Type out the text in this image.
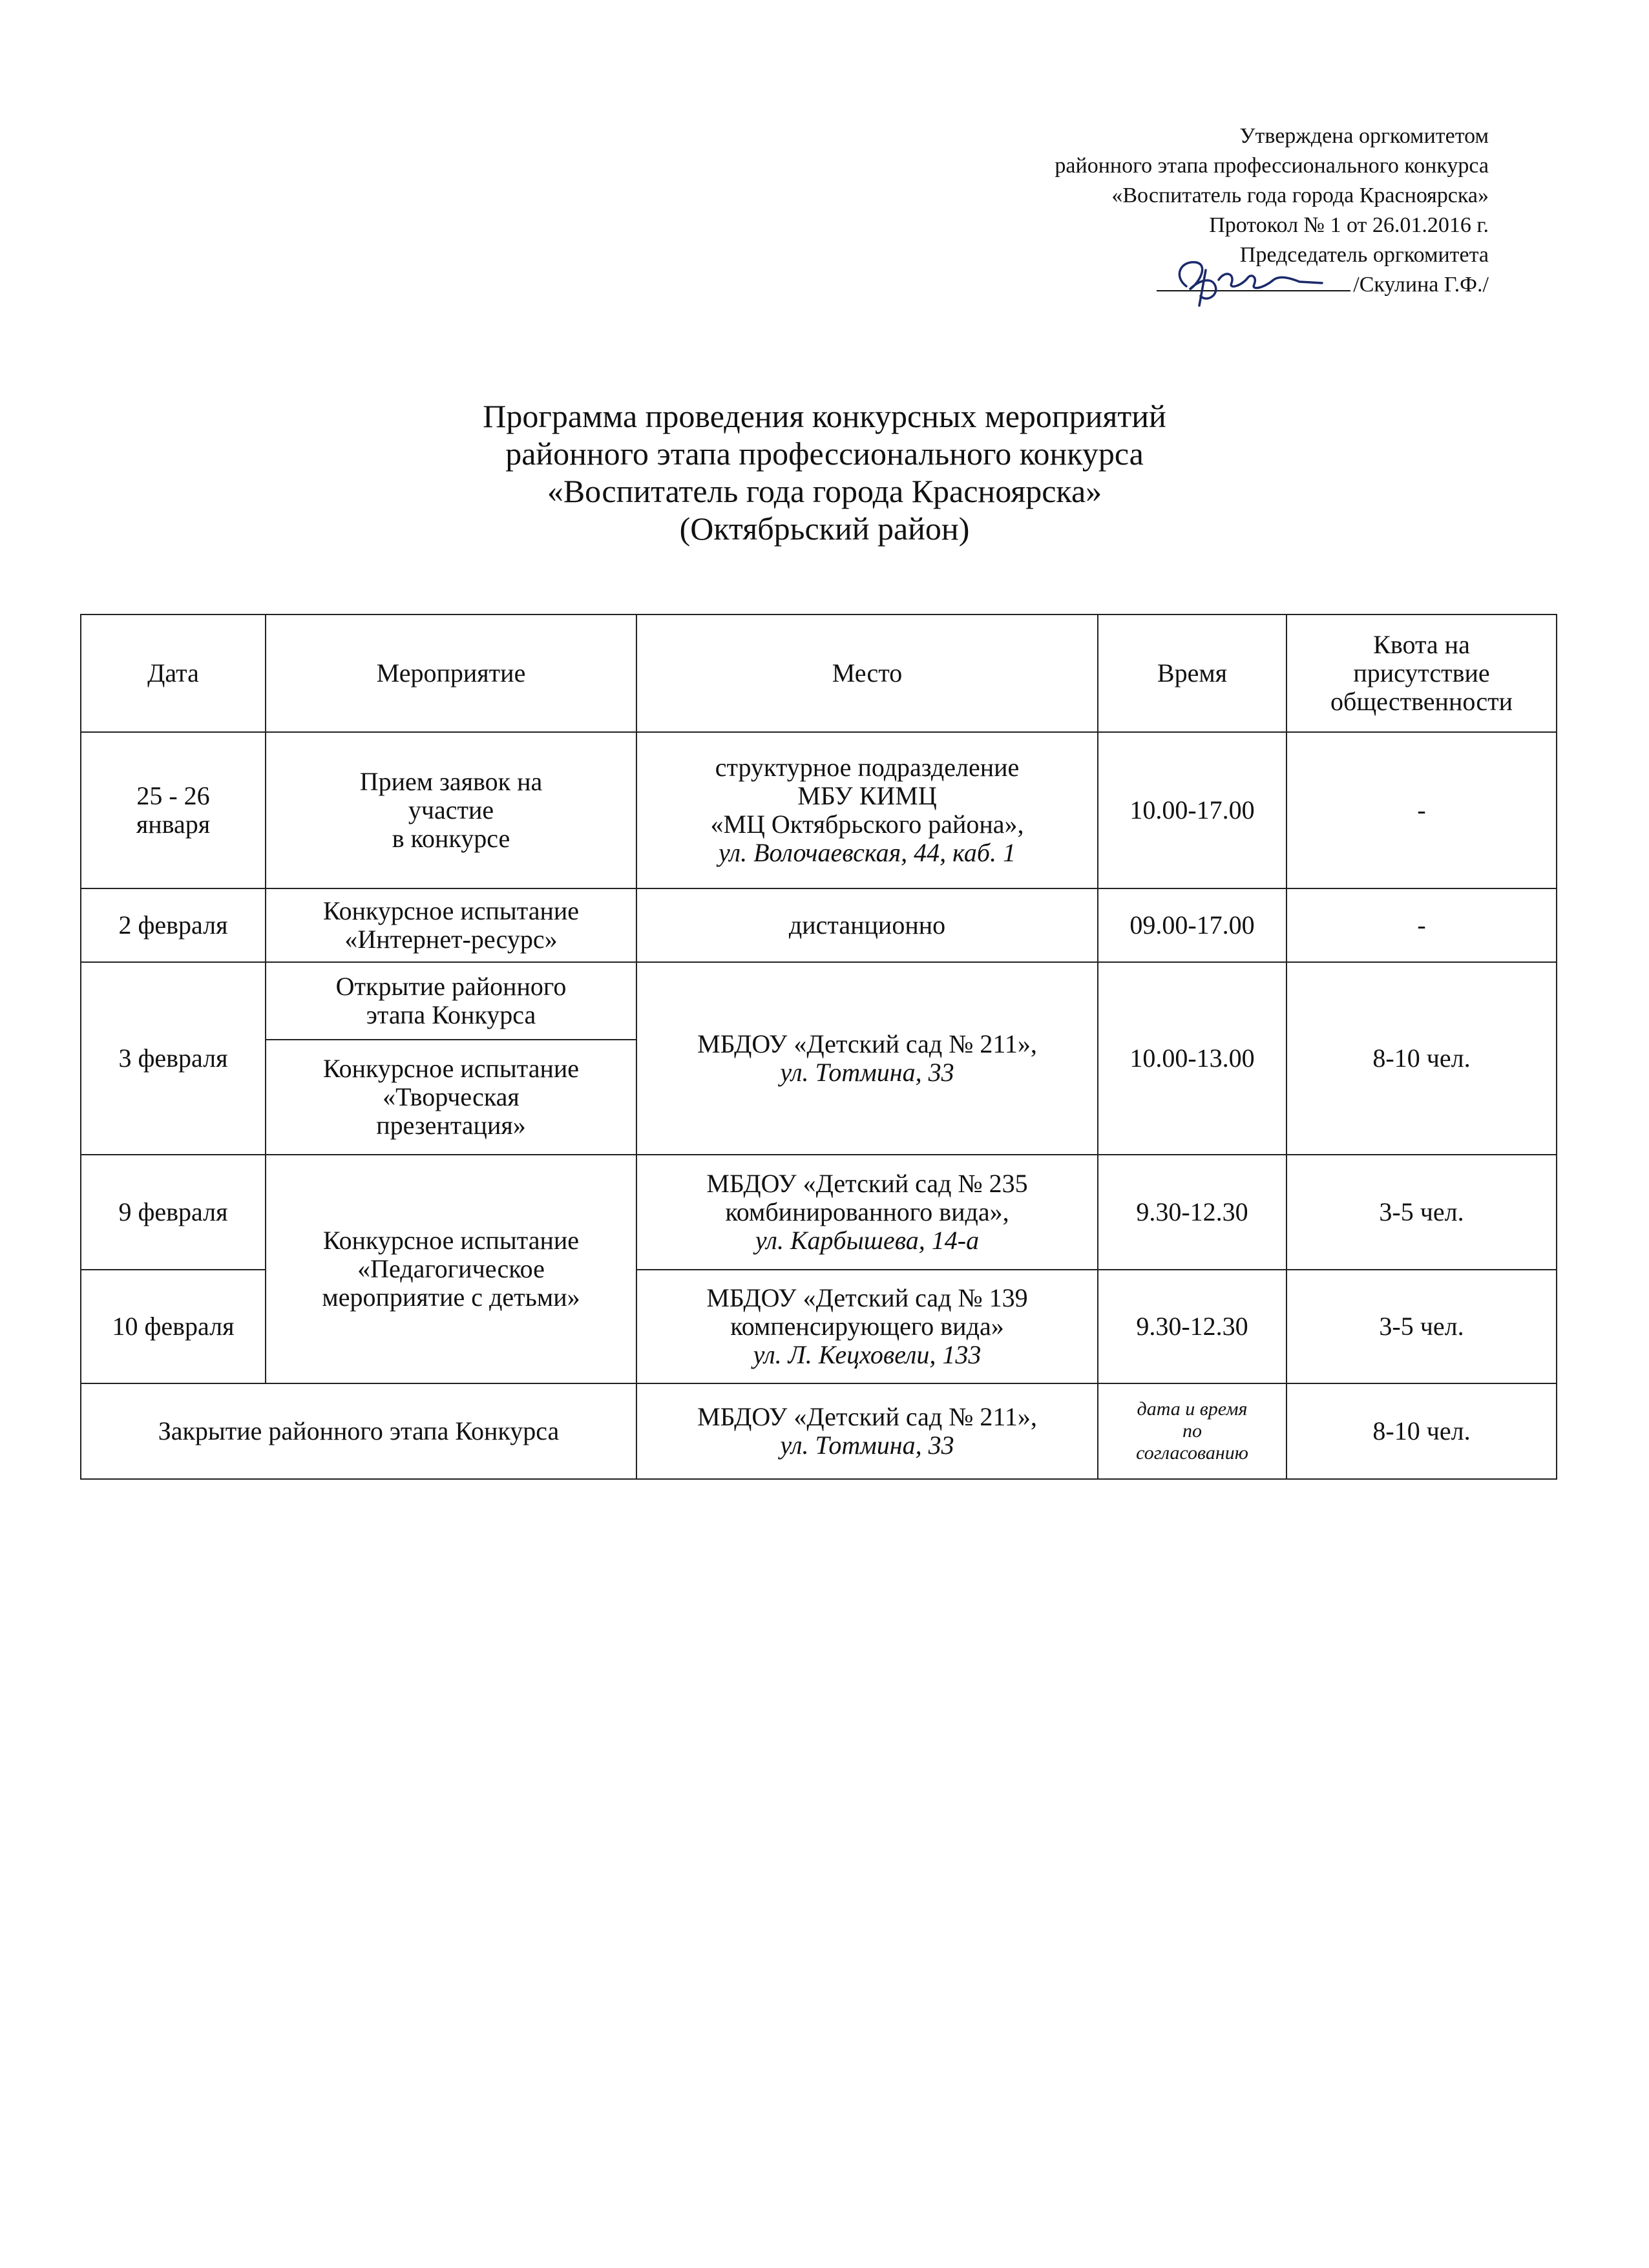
Утверждена оргкомитетом
районного этапа профессионального конкурса
«Воспитатель года города Красноярска»
Протокол № 1 от 26.01.2016 г.
Председатель оргкомитета
/Скулина Г.Ф./
Программа проведения конкурсных мероприятий
районного этапа профессионального конкурса
«Воспитатель года города Красноярска»
(Октябрьский район)
Дата	Мероприятие	Место	Время	Квота на
присутствие
общественности

25 - 26
января	Прием заявок на
участие
в конкурсе	структурное подразделение
МБУ КИМЦ
«МЦ Октябрьского района»,
ул. Волочаевская, 44, каб. 1	10.00-17.00	-
2 февраля	Конкурсное испытание
«Интернет-ресурс»	дистанционно	09.00-17.00	-
3 февраля	Открытие районного
этапа Конкурса	МБДОУ «Детский сад № 211»,
ул. Тотмина, 33	10.00-13.00	8-10 чел.

	Конкурсное испытание
«Творческая
презентация»			

9 февраля	Конкурсное испытание
«Педагогическое
мероприятие с детьми»	МБДОУ «Детский сад № 235
комбинированного вида»,
ул. Карбышева, 14-а	9.30-12.30	3-5 чел.
10 февраля		МБДОУ «Детский сад № 139
компенсирующего вида»
ул. Л. Кецховели, 133	9.30-12.30	3-5 чел.
Закрытие районного этапа Конкурса		МБДОУ «Детский сад № 211»,
ул. Тотмина, 33	дата и время
по
согласованию	8-10 чел.
